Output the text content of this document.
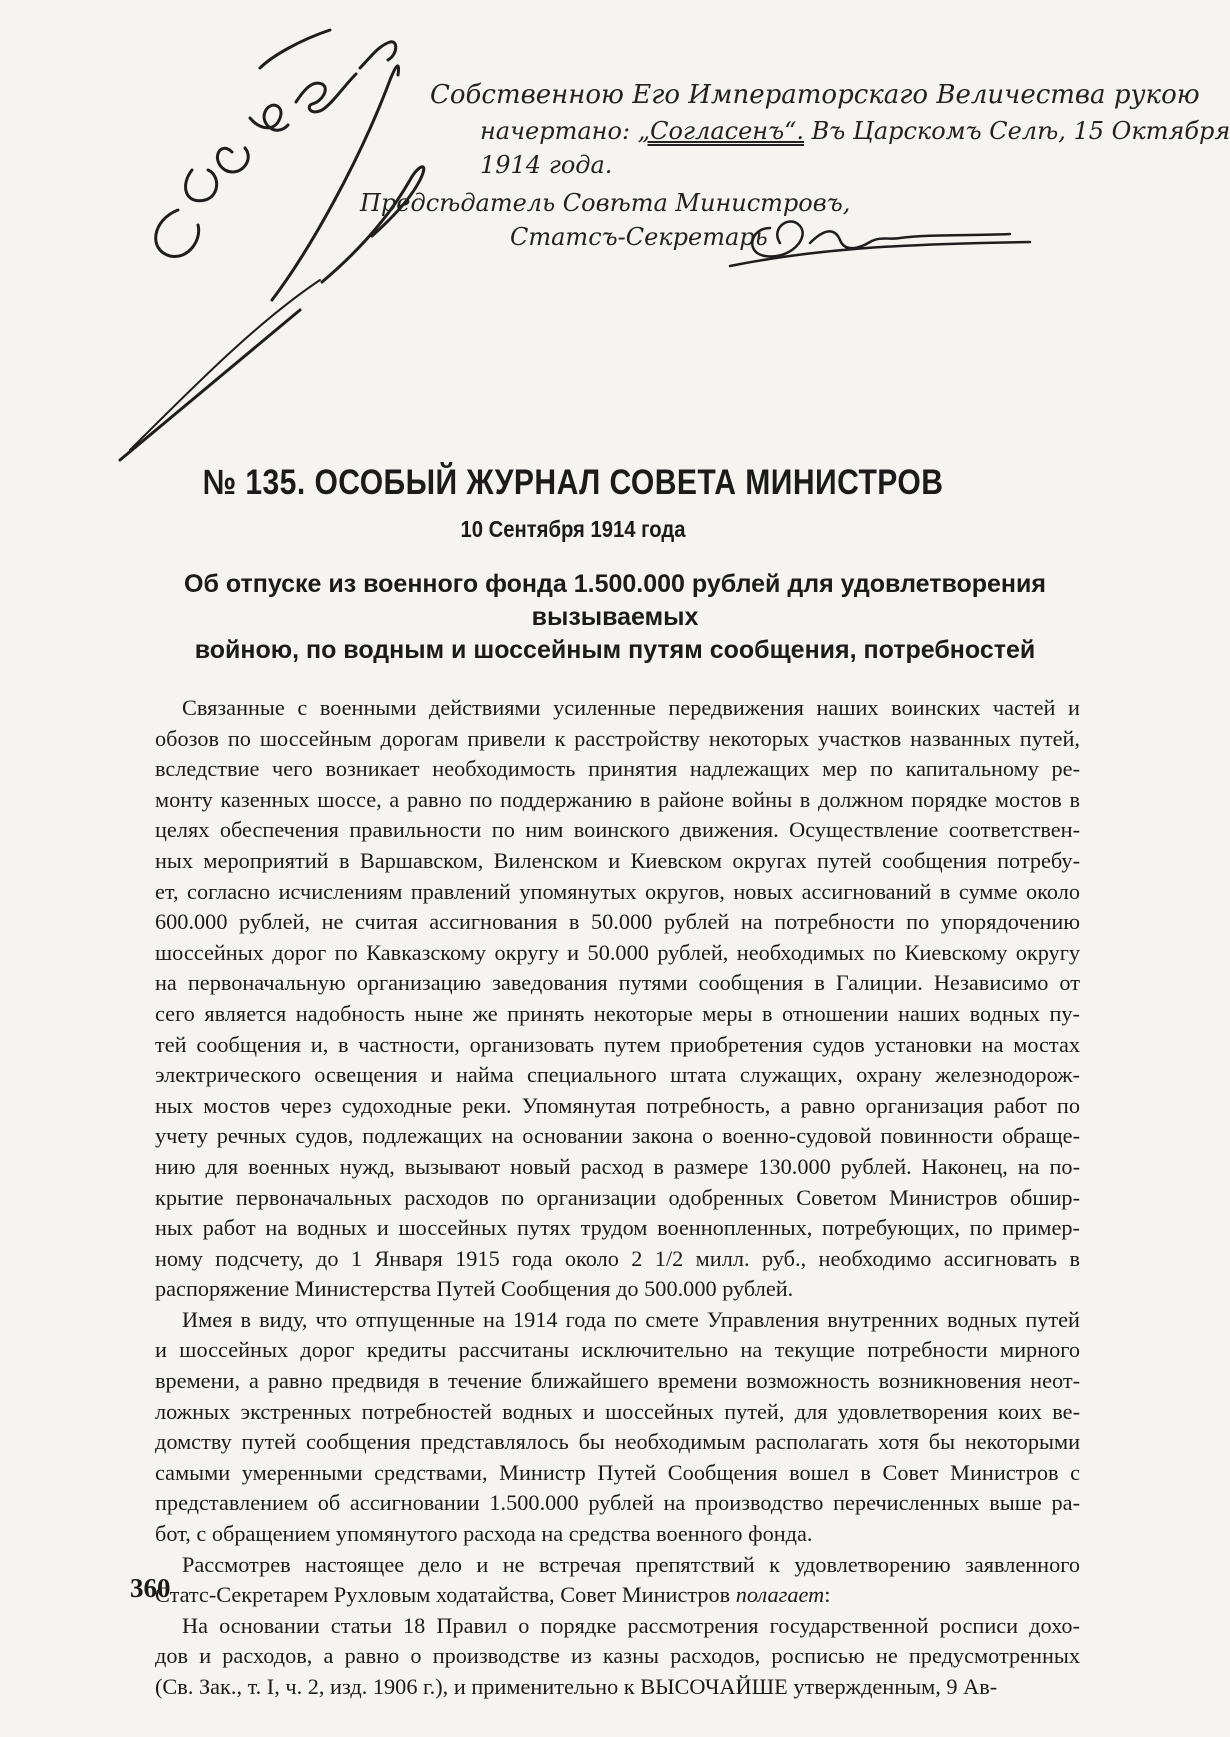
Собственною Его Императорскаго Величества рукою
начертано: „Согласенъ“. Въ Царскомъ Селѣ, 15 Октября
1914 года.
Предсѣдатель Совѣта Министровъ,
Статсъ-Секретарь
№ 135. ОСОБЫЙ ЖУРНАЛ СОВЕТА МИНИСТРОВ
10 Сентября 1914 года
Об отпуске из военного фонда 1.500.000 рублей для удовлетворения вызываемых
войною, по водным и шоссейным путям сообщения, потребностей
Связанные с военными действиями усиленные передвижения наших воинских частей и
обозов по шоссейным дорогам привели к расстройству некоторых участков названных путей,
вследствие чего возникает необходимость принятия надлежащих мер по капитальному ре-
монту казенных шоссе, а равно по поддержанию в районе войны в должном порядке мостов в
целях обеспечения правильности по ним воинского движения. Осуществление соответствен-
ных мероприятий в Варшавском, Виленском и Киевском округах путей сообщения потребу-
ет, согласно исчислениям правлений упомянутых округов, новых ассигнований в сумме около
600.000 рублей, не считая ассигнования в 50.000 рублей на потребности по упорядочению
шоссейных дорог по Кавказскому округу и 50.000 рублей, необходимых по Киевскому округу
на первоначальную организацию заведования путями сообщения в Галиции. Независимо от
сего является надобность ныне же принять некоторые меры в отношении наших водных пу-
тей сообщения и, в частности, организовать путем приобретения судов установки на мостах
электрического освещения и найма специального штата служащих, охрану железнодорож-
ных мостов через судоходные реки. Упомянутая потребность, а равно организация работ по
учету речных судов, подлежащих на основании закона о военно-судовой повинности обраще-
нию для военных нужд, вызывают новый расход в размере 130.000 рублей. Наконец, на по-
крытие первоначальных расходов по организации одобренных Советом Министров обшир-
ных работ на водных и шоссейных путях трудом военнопленных, потребующих, по пример-
ному подсчету, до 1 Января 1915 года около 2 1/2 милл. руб., необходимо ассигновать в
распоряжение Министерства Путей Сообщения до 500.000 рублей.
Имея в виду, что отпущенные на 1914 года по смете Управления внутренних водных путей
и шоссейных дорог кредиты рассчитаны исключительно на текущие потребности мирного
времени, а равно предвидя в течение ближайшего времени возможность возникновения неот-
ложных экстренных потребностей водных и шоссейных путей, для удовлетворения коих ве-
домству путей сообщения представлялось бы необходимым располагать хотя бы некоторыми
самыми умеренными средствами, Министр Путей Сообщения вошел в Совет Министров с
представлением об ассигновании 1.500.000 рублей на производство перечисленных выше ра-
бот, с обращением упомянутого расхода на средства военного фонда.
Рассмотрев настоящее дело и не встречая препятствий к удовлетворению заявленного
Статс-Секретарем Рухловым ходатайства, Совет Министров полагает:
На основании статьи 18 Правил о порядке рассмотрения государственной росписи дохо-
дов и расходов, а равно о производстве из казны расходов, росписью не предусмотренных
(Св. Зак., т. I, ч. 2, изд. 1906 г.), и применительно к ВЫСОЧАЙШЕ утвержденным, 9 Ав-
360
